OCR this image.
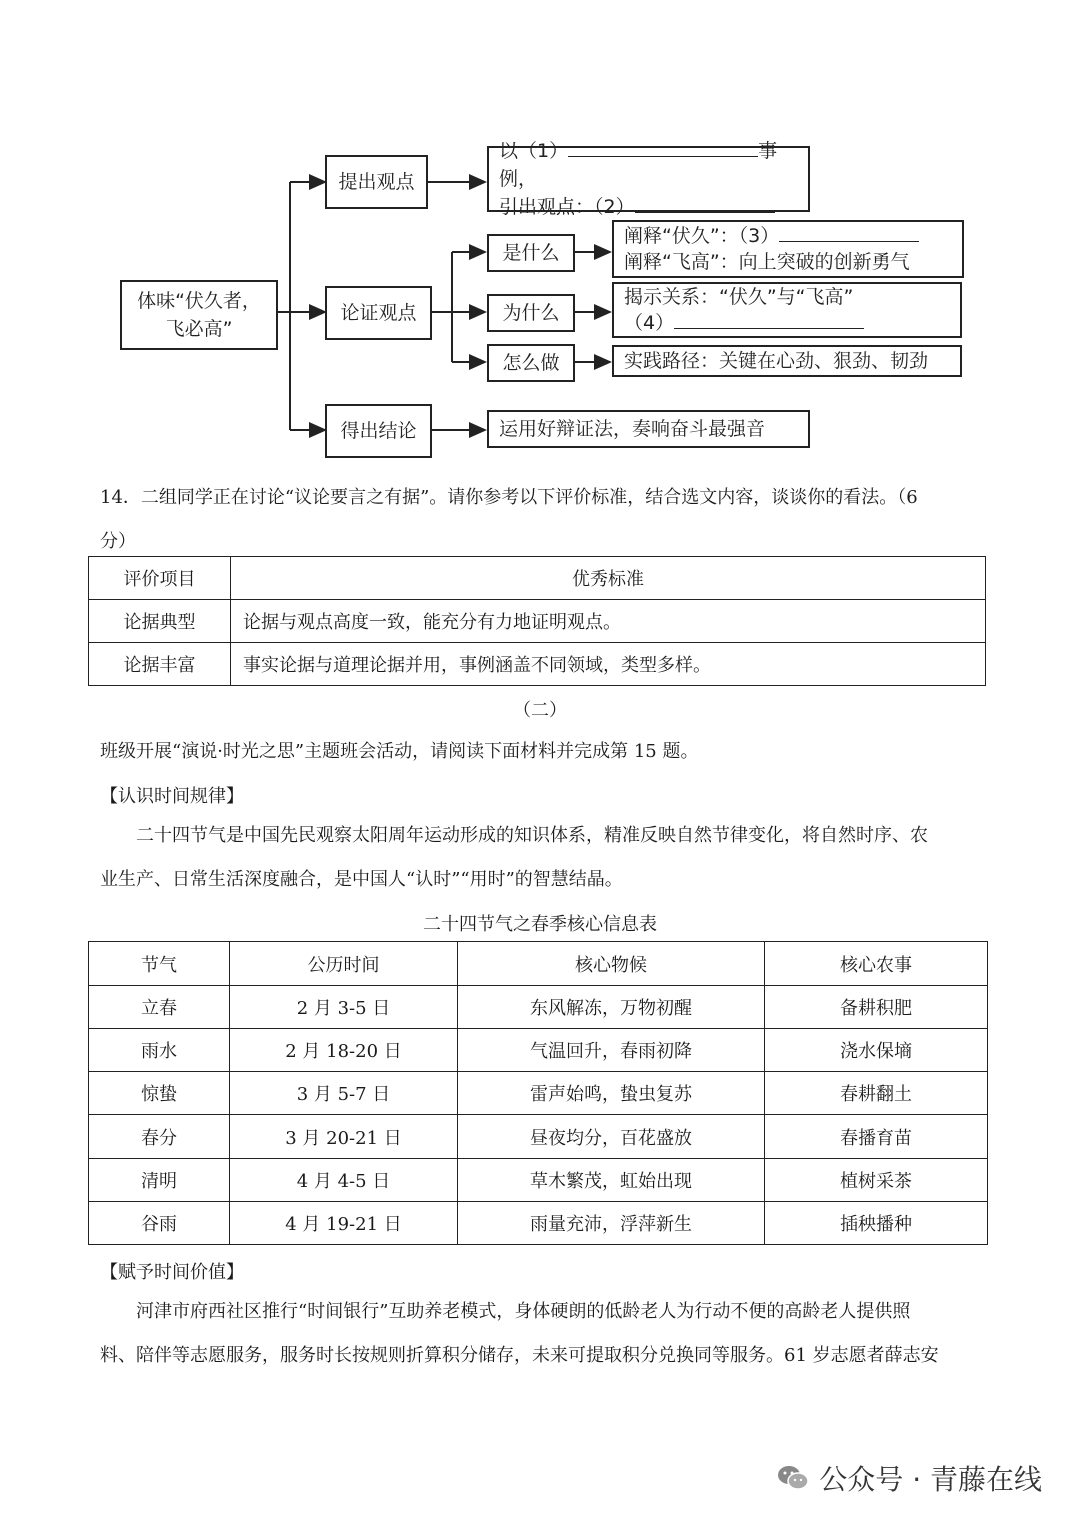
体味“伏久者，
飞必高”
提出观点
论证观点
得出结论
以（1）	事例，
引出观点：（2）
是什么
为什么
怎么做
阐释“伏久”：（3）
阐释“飞高”：向上突破的创新勇气
揭示关系：“伏久”与“飞高”
（4）
实践路径：关键在心劲、狠劲、韧劲
运用好辩证法，奏响奋斗最强音
14．二组同学正在讨论“议论要言之有据”。请你参考以下评价标准，结合选文内容，谈谈你的看法。（6
分）
评价项目	优秀标准
论据典型	论据与观点高度一致，能充分有力地证明观点。
论据丰富	事实论据与道理论据并用，事例涵盖不同领域，类型多样。
（二）
班级开展“演说·时光之思”主题班会活动，请阅读下面材料并完成第 15 题。
【认识时间规律】
二十四节气是中国先民观察太阳周年运动形成的知识体系，精准反映自然节律变化，将自然时序、农
业生产、日常生活深度融合，是中国人“认时”“用时”的智慧结晶。
二十四节气之春季核心信息表
节气	公历时间	核心物候	核心农事
立春	2 月 3-5 日	东风解冻，万物初醒	备耕积肥
雨水	2 月 18-20 日	气温回升，春雨初降	浇水保墒
惊蛰	3 月 5-7 日	雷声始鸣，蛰虫复苏	春耕翻土
春分	3 月 20-21 日	昼夜均分，百花盛放	春播育苗
清明	4 月 4-5 日	草木繁茂，虹始出现	植树采茶
谷雨	4 月 19-21 日	雨量充沛，浮萍新生	插秧播种
【赋予时间价值】
河津市府西社区推行“时间银行”互助养老模式，身体硬朗的低龄老人为行动不便的高龄老人提供照
料、陪伴等志愿服务，服务时长按规则折算积分储存，未来可提取积分兑换同等服务。61 岁志愿者薛志安
公众号 · 青藤在线
